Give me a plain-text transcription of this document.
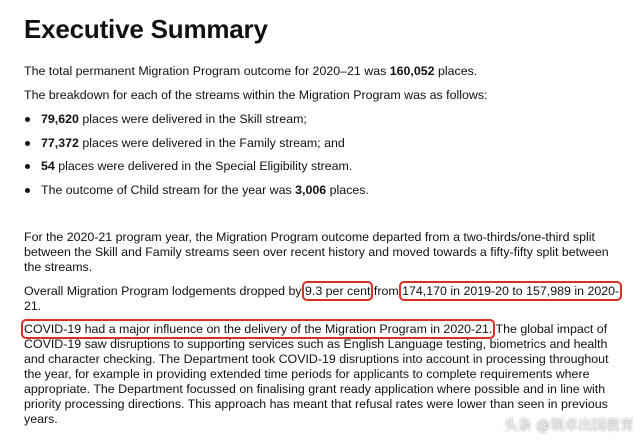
Executive Summary

The total permanent Migration Program outcome for 2020–21 was 160,052 places.

The breakdown for each of the streams within the Migration Program was as follows:

79,620 places were delivered in the Skill stream;
77,372 places were delivered in the Family stream; and
54 places were delivered in the Special Eligibility stream.
The outcome of Child stream for the year was 3,006 places.

For the 2020-21 program year, the Migration Program outcome departed from a two-thirds/one-third split between the Skill and Family streams seen over recent history and moved towards a fifty-fifty split between the streams.

Overall Migration Program lodgements dropped by 9.3 per cent from 174,170 in 2019-20 to 157,989 in 2020-
21.

COVID-19 had a major influence on the delivery of the Migration Program in 2020-21. The global impact of COVID-19 saw disruptions to supporting services such as English Language testing, biometrics and health and character checking. The Department took COVID-19 disruptions into account in processing throughout the year, for example in providing extended time periods for applicants to complete requirements where appropriate. The Department focussed on finalising grant ready application where possible and in line with priority processing directions. This approach has meant that refusal rates were lower than seen in previous years.	头条 @领卓出国教育
